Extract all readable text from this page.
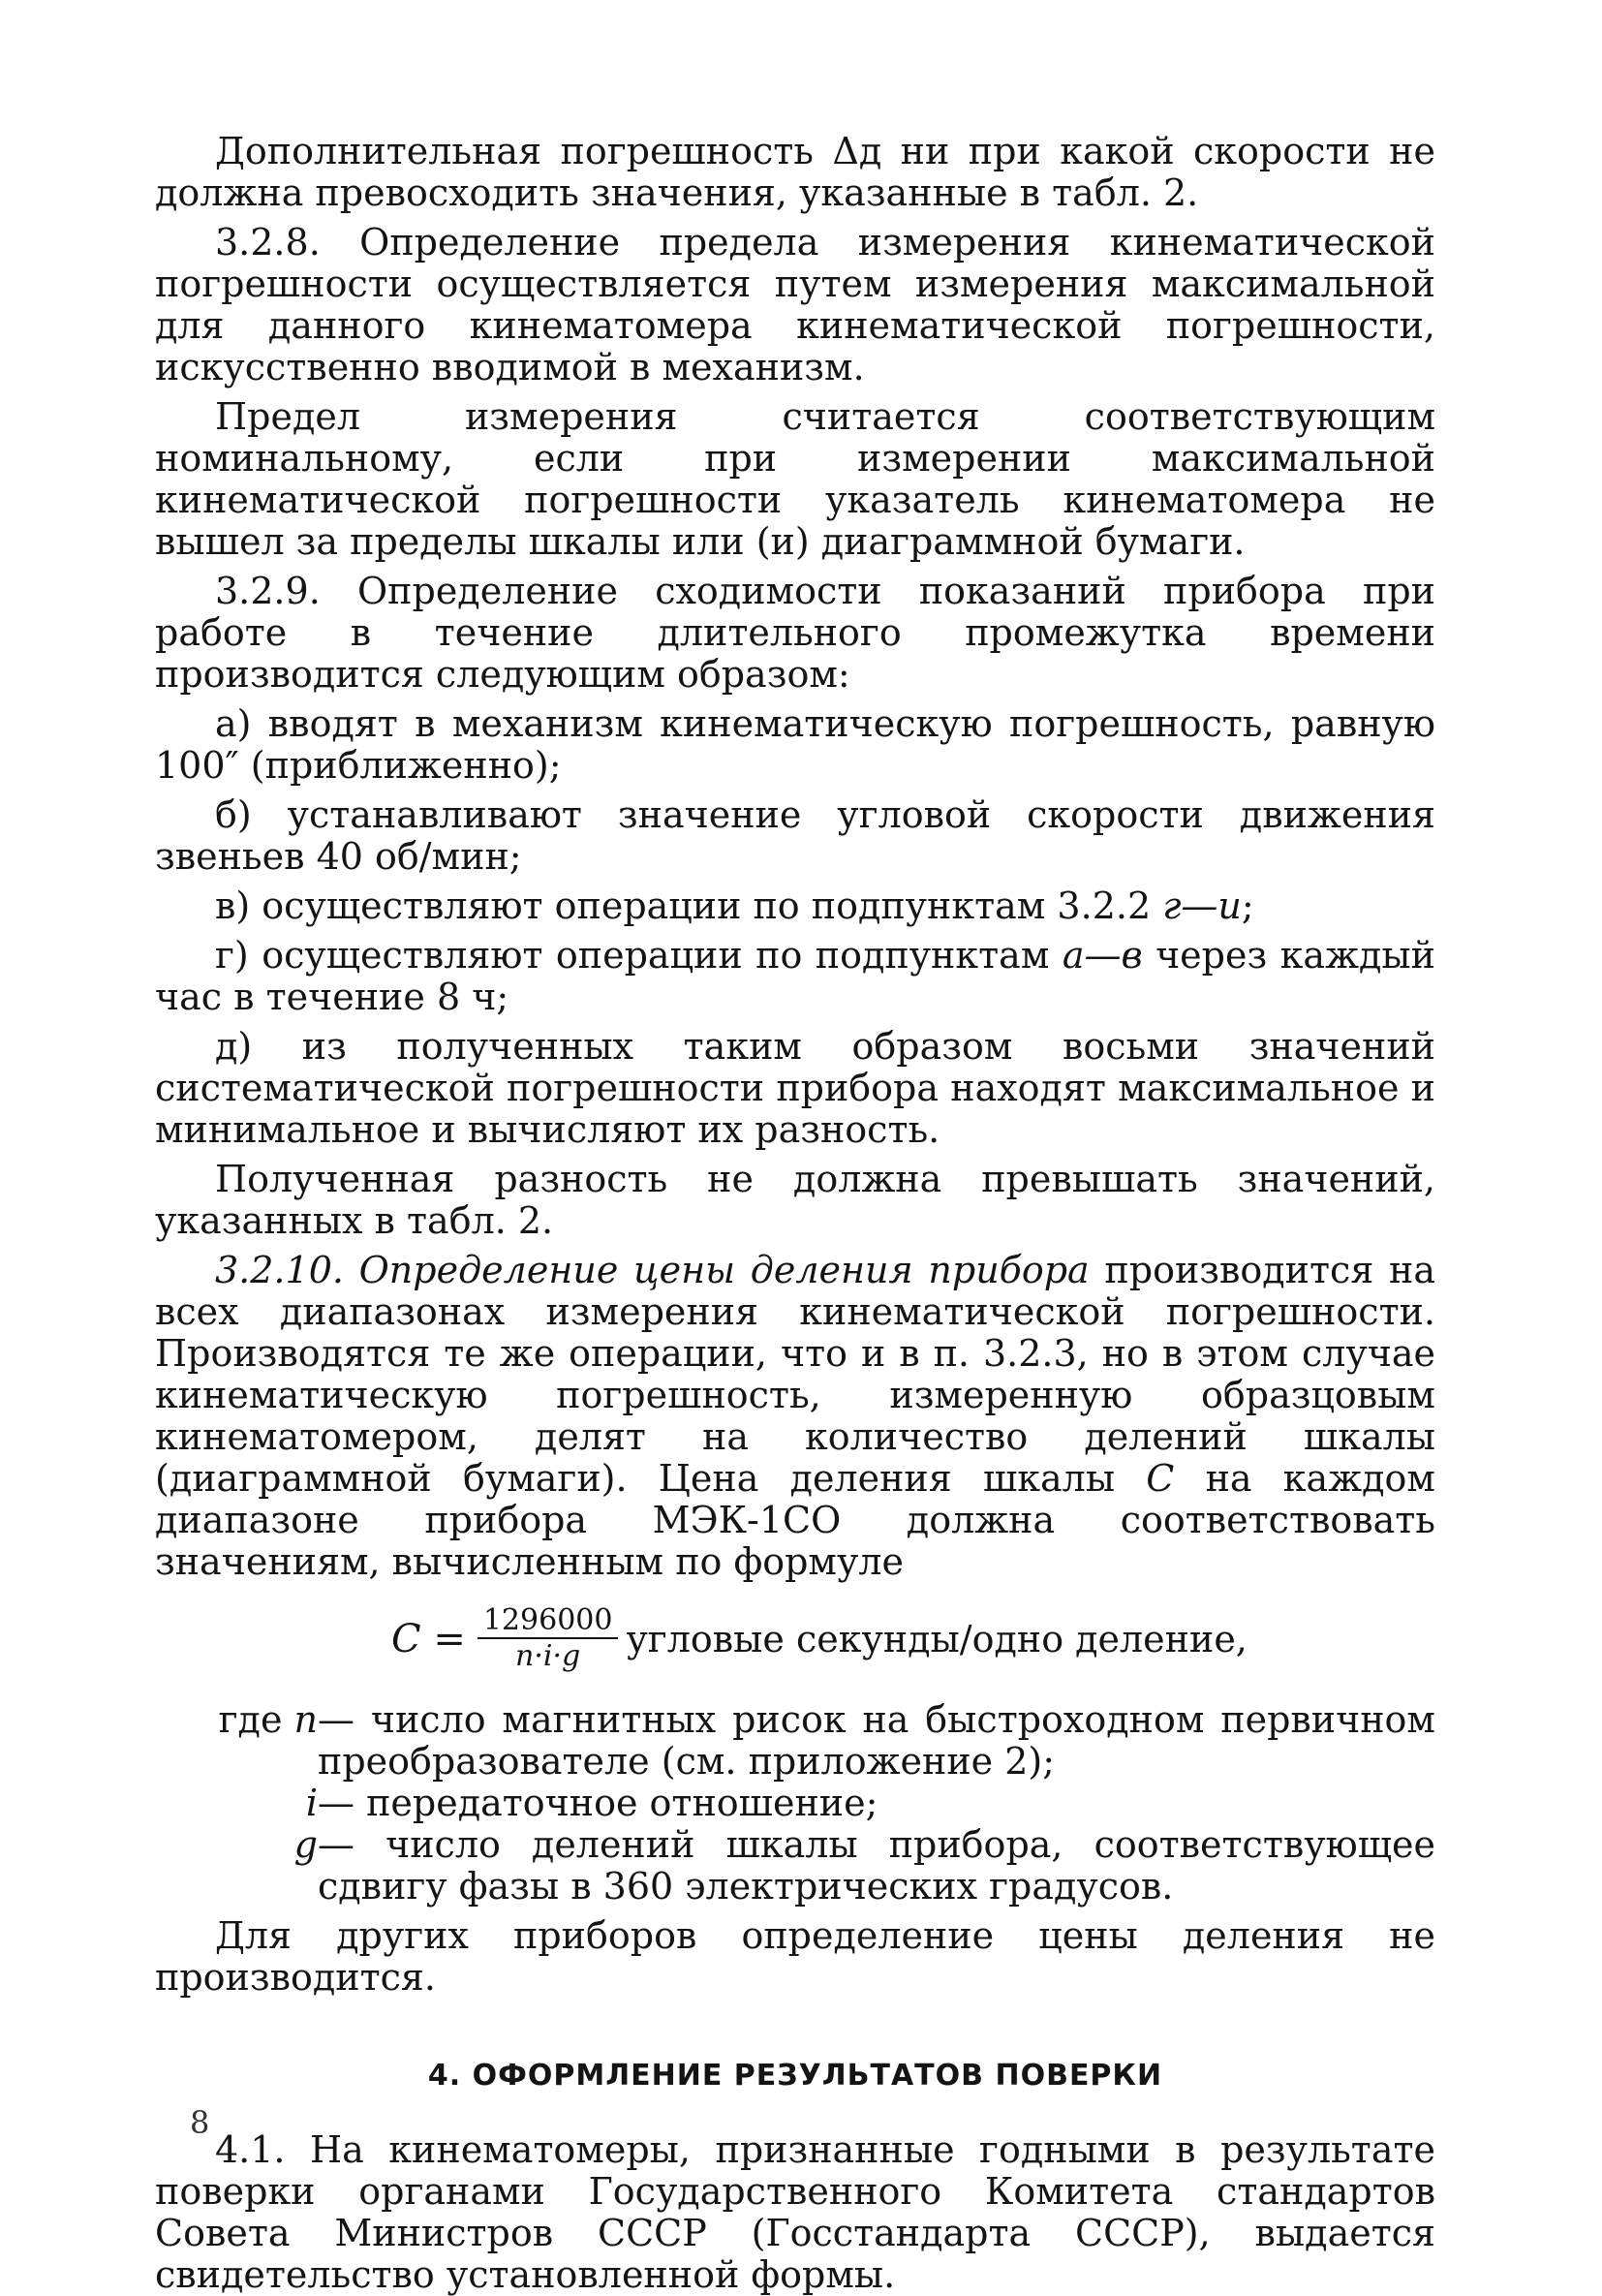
Дополнительная погрешность Δд ни при какой скорости не должна превосходить значения, указанные в табл. 2.

3.2.8. Определение предела измерения кинематической погрешности осуществляется путем измерения максимальной для данного кинематомера кинематической погрешности, искусственно вводимой в механизм.

Предел измерения считается соответствующим номинальному, если при измерении максимальной кинематической погрешности указатель кинематомера не вышел за пределы шкалы или (и) диаграммной бумаги.

3.2.9. Определение сходимости показаний прибора при работе в течение длительного промежутка времени производится следующим образом:

а) вводят в механизм кинематическую погрешность, равную 100″ (приближенно);

б) устанавливают значение угловой скорости движения звеньев 40 об/мин;

в) осуществляют операции по подпунктам 3.2.2 г—и;

г) осуществляют операции по подпунктам а—в через каждый час в течение 8 ч;

д) из полученных таким образом восьми значений систематической погрешности прибора находят максимальное и минимальное и вычисляют их разность.

Полученная разность не должна превышать значений, указанных в табл. 2.

3.2.10. Определение цены деления прибора производится на всех диапазонах измерения кинематической погрешности. Производятся те же операции, что и в п. 3.2.3, но в этом случае кинематическую погрешность, измеренную образцовым кинематомером, делят на количество делений шкалы (диаграммной бумаги). Цена деления шкалы C на каждом диапазоне прибора МЭК-1СО должна соответствовать значениям, вычисленным по формуле

$C = \frac{1296000}{n\cdot i\cdot g}$ угловые секунды/одно деление,
где n — число магнитных рисок на быстроходном первичном преобразователе (см. приложение 2);
i — передаточное отношение;
g — число делений шкалы прибора, соответствующее сдвигу фазы в 360 электрических градусов.

Для других приборов определение цены деления не производится.

4. ОФОРМЛЕНИЕ РЕЗУЛЬТАТОВ ПОВЕРКИ

4.1. На кинематомеры, признанные годными в результате поверки органами Государственного Комитета стандартов Совета Министров СССР (Госстандарта СССР), выдается свидетельство установленной формы.

8
